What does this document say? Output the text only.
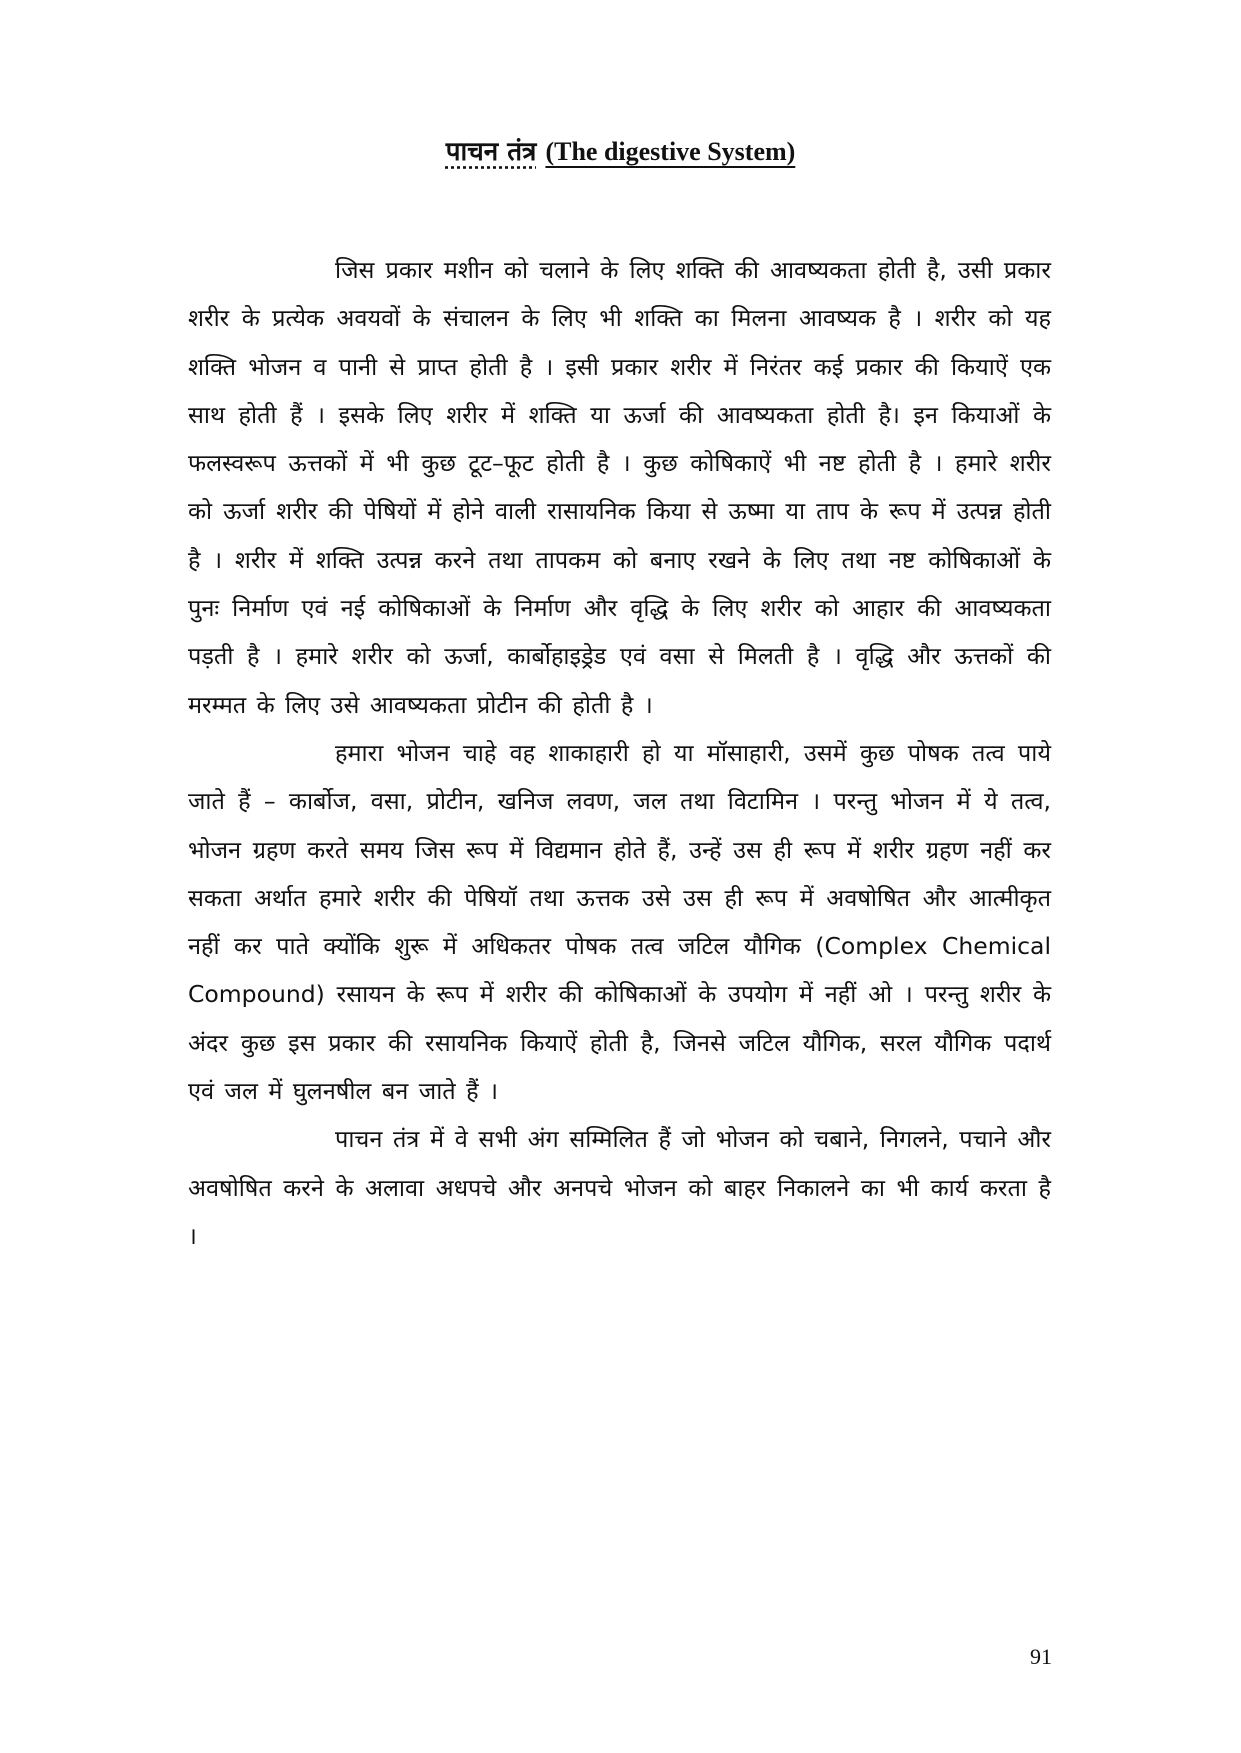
पाचन तंत्र (The digestive System)

जिस प्रकार मशीन को चलाने के लिए शक्ति की आवष्यकता होती है, उसी प्रकार शरीर के प्रत्येक अवयवों के संचालन के लिए भी शक्ति का मिलना आवष्यक है । शरीर को यह शक्ति भोजन व पानी से प्राप्त होती है । इसी प्रकार शरीर में निरंतर कई प्रकार की कियाऐं एक साथ होती हैं । इसके लिए शरीर में शक्ति या ऊर्जा की आवष्यकता होती है। इन कियाओं के फलस्वरूप ऊत्तकों में भी कुछ टूट–फूट होती है । कुछ कोषिकाऐं भी नष्ट होती है । हमारे शरीर को ऊर्जा शरीर की पेषियों में होने वाली रासायनिक किया से ऊष्मा या ताप के रूप में उत्पन्न होती है । शरीर में शक्ति उत्पन्न करने तथा तापकम को बनाए रखने के लिए तथा नष्ट कोषिकाओं के पुनः निर्माण एवं नई कोषिकाओं के निर्माण और वृद्धि के लिए शरीर को आहार की आवष्यकता पड़ती है । हमारे शरीर को ऊर्जा, कार्बोहाइड्रेड एवं वसा से मिलती है । वृद्धि और ऊत्तकों की मरम्मत के लिए उसे आवष्यकता प्रोटीन की होती है ।

हमारा भोजन चाहे वह शाकाहारी हो या मॉसाहारी, उसमें कुछ पोषक तत्व पाये जाते हैं – कार्बोज, वसा, प्रोटीन, खनिज लवण, जल तथा विटामिन । परन्तु भोजन में ये तत्व, भोजन ग्रहण करते समय जिस रूप में विद्यमान होते हैं, उन्हें उस ही रूप में शरीर ग्रहण नहीं कर सकता अर्थात हमारे शरीर की पेषियॉ तथा ऊत्तक उसे उस ही रूप में अवषोषित और आत्मीकृत नहीं कर पाते क्योंकि शुरू में अधिकतर पोषक तत्व जटिल यौगिक (Complex Chemical Compound) रसायन के रूप में शरीर की कोषिकाओं के उपयोग में नहीं ओ । परन्तु शरीर के अंदर कुछ इस प्रकार की रसायनिक कियाऐं होती है, जिनसे जटिल यौगिक, सरल यौगिक पदार्थ एवं जल में घुलनषील बन जाते हैं ।

पाचन तंत्र में वे सभी अंग सम्मिलित हैं जो भोजन को चबाने, निगलने, पचाने और अवषोषित करने के अलावा अधपचे और अनपचे भोजन को बाहर निकालने का भी कार्य करता है ।

91
